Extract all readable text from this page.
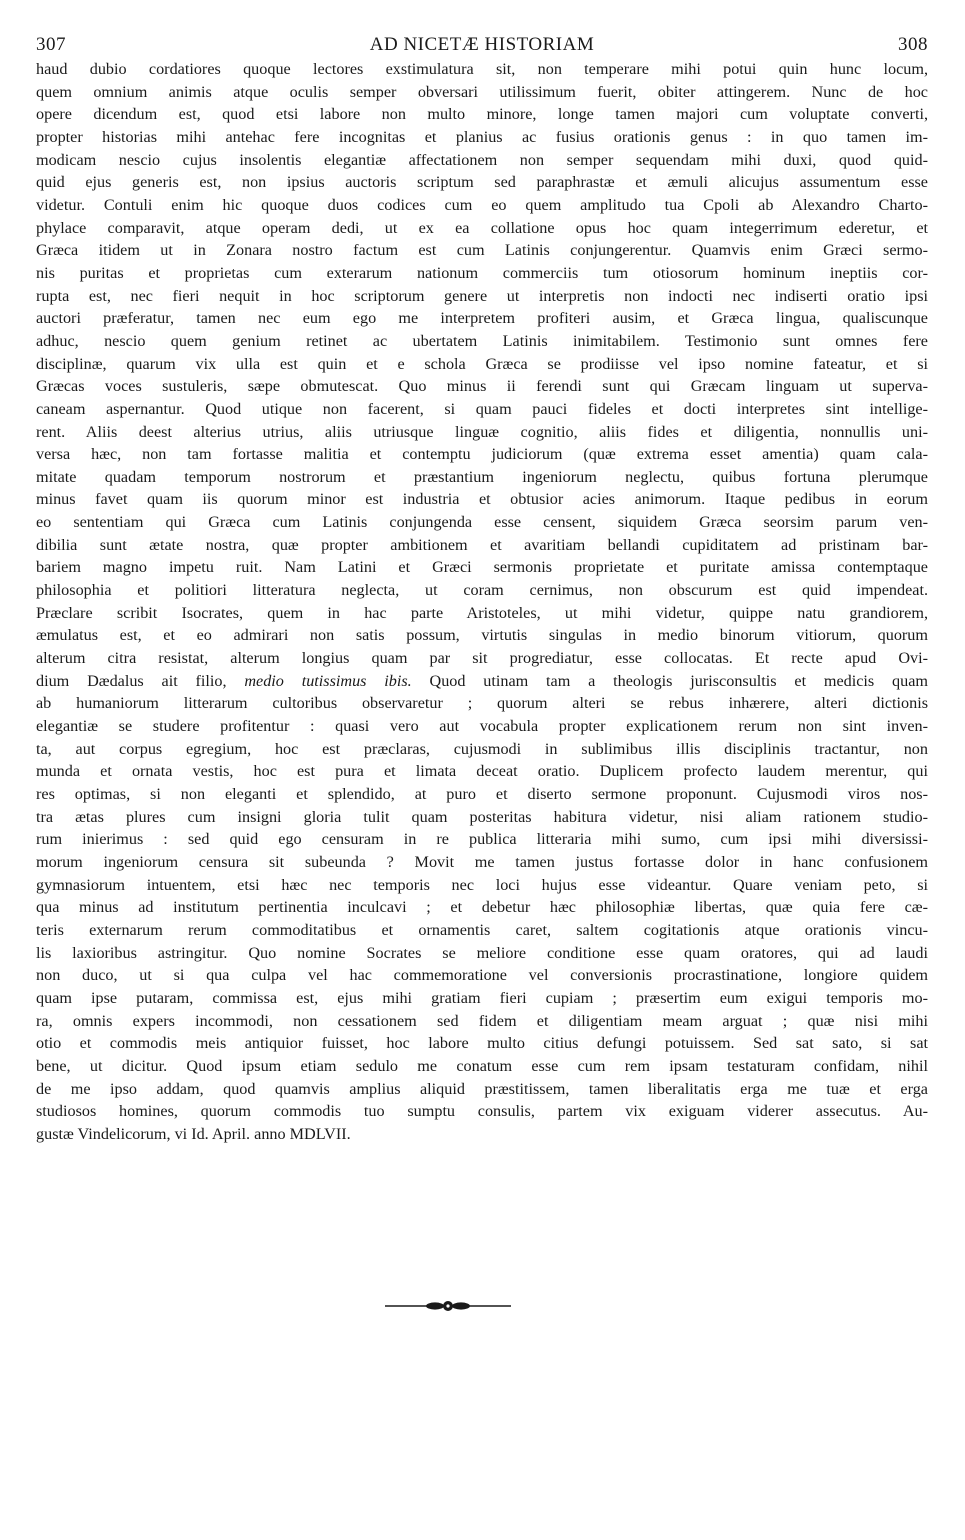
307	AD NICETÆ HISTORIAM	308
haud dubio cordatiores quoque lectores exstimulatura sit, non temperare mihi potui quin hunc locum,
quem omnium animis atque oculis semper obversari utilissimum fuerit, obiter attingerem. Nunc de hoc
opere dicendum est, quod etsi labore non multo minore, longe tamen majori cum voluptate converti,
propter historias mihi antehac fere incognitas et planius ac fusius orationis genus : in quo tamen im-
modicam nescio cujus insolentis elegantiæ affectationem non semper sequendam mihi duxi, quod quid-
quid ejus generis est, non ipsius auctoris scriptum sed paraphrastæ et æmuli alicujus assumentum esse
videtur. Contuli enim hic quoque duos codices cum eo quem amplitudo tua Cpoli ab Alexandro Charto-
phylace comparavit, atque operam dedi, ut ex ea collatione opus hoc quam integerrimum ederetur, et
Græca itidem ut in Zonara nostro factum est cum Latinis conjungerentur. Quamvis enim Græci sermo-
nis puritas et proprietas cum exterarum nationum commerciis tum otiosorum hominum ineptiis cor-
rupta est, nec fieri nequit in hoc scriptorum genere ut interpretis non indocti nec indiserti oratio ipsi
auctori præferatur, tamen nec eum ego me interpretem profiteri ausim, et Græca lingua, qualiscunque
adhuc, nescio quem genium retinet ac ubertatem Latinis inimitabilem. Testimonio sunt omnes fere
disciplinæ, quarum vix ulla est quin et e schola Græca se prodiisse vel ipso nomine fateatur, et si
Græcas voces sustuleris, sæpe obmutescat. Quo minus ii ferendi sunt qui Græcam linguam ut superva-
caneam aspernantur. Quod utique non facerent, si quam pauci fideles et docti interpretes sint intellige-
rent. Aliis deest alterius utrius, aliis utriusque linguæ cognitio, aliis fides et diligentia, nonnullis uni-
versa hæc, non tam fortasse malitia et contemptu judiciorum (quæ extrema esset amentia) quam cala-
mitate quadam temporum nostrorum et præstantium ingeniorum neglectu, quibus fortuna plerumque
minus favet quam iis quorum minor est industria et obtusior acies animorum. Itaque pedibus in eorum
eo sententiam qui Græca cum Latinis conjungenda esse censent, siquidem Græca seorsim parum ven-
dibilia sunt ætate nostra, quæ propter ambitionem et avaritiam bellandi cupiditatem ad pristinam bar-
bariem magno impetu ruit. Nam Latini et Græci sermonis proprietate et puritate amissa contemptaque
philosophia et politiori litteratura neglecta, ut coram cernimus, non obscurum est quid impendeat.
Præclare scribit Isocrates, quem in hac parte Aristoteles, ut mihi videtur, quippe natu grandiorem,
æmulatus est, et eo admirari non satis possum, virtutis singulas in medio binorum vitiorum, quorum
alterum citra resistat, alterum longius quam par sit progrediatur, esse collocatas. Et recte apud Ovi-
dium Dædalus ait filio, medio tutissimus ibis. Quod utinam tam a theologis jurisconsultis et medicis quam
ab humaniorum litterarum cultoribus observaretur ; quorum alteri se rebus inhærere, alteri dictionis
elegantiæ se studere profitentur : quasi vero aut vocabula propter explicationem rerum non sint inven-
ta, aut corpus egregium, hoc est præclaras, cujusmodi in sublimibus illis disciplinis tractantur, non
munda et ornata vestis, hoc est pura et limata deceat oratio. Duplicem profecto laudem merentur, qui
res optimas, si non eleganti et splendido, at puro et diserto sermone proponunt. Cujusmodi viros nos-
tra ætas plures cum insigni gloria tulit quam posteritas habitura videtur, nisi aliam rationem studio-
rum inierimus : sed quid ego censuram in re publica litteraria mihi sumo, cum ipsi mihi diversissi-
morum ingeniorum censura sit subeunda ? Movit me tamen justus fortasse dolor in hanc confusionem
gymnasiorum intuentem, etsi hæc nec temporis nec loci hujus esse videantur. Quare veniam peto, si
qua minus ad institutum pertinentia inculcavi ; et debetur hæc philosophiæ libertas, quæ quia fere cæ-
teris externarum rerum commoditatibus et ornamentis caret, saltem cogitationis atque orationis vincu-
lis laxioribus astringitur. Quo nomine Socrates se meliore conditione esse quam oratores, qui ad laudi
non duco, ut si qua culpa vel hac commemoratione vel conversionis procrastinatione, longiore quidem
quam ipse putaram, commissa est, ejus mihi gratiam fieri cupiam ; præsertim eum exigui temporis mo-
ra, omnis expers incommodi, non cessationem sed fidem et diligentiam meam arguat ; quæ nisi mihi
otio et commodis meis antiquior fuisset, hoc labore multo citius defungi potuissem. Sed sat sato, si sat
bene, ut dicitur. Quod ipsum etiam sedulo me conatum esse cum rem ipsam testaturam confidam, nihil
de me ipso addam, quod quamvis amplius aliquid præstitissem, tamen liberalitatis erga me tuæ et erga
studiosos homines, quorum commodis tuo sumptu consulis, partem vix exiguam viderer assecutus. Au-
gustæ Vindelicorum, vi Id. April. anno MDLVII.
